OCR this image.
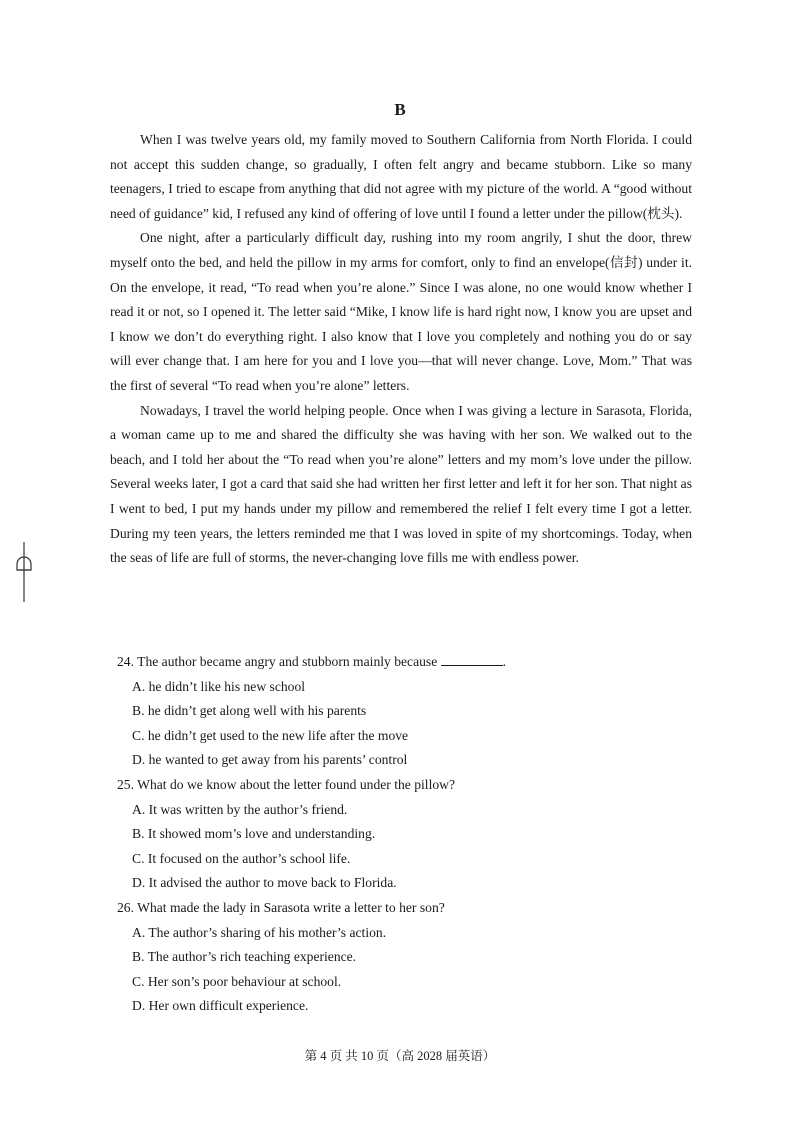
B

When I was twelve years old, my family moved to Southern California from North Florida. I could not accept this sudden change, so gradually, I often felt angry and became stubborn. Like so many teenagers, I tried to escape from anything that did not agree with my picture of the world. A “good without need of guidance” kid, I refused any kind of offering of love until I found a letter under the pillow(枕头).

One night, after a particularly difficult day, rushing into my room angrily, I shut the door, threw myself onto the bed, and held the pillow in my arms for comfort, only to find an envelope(信封) under it. On the envelope, it read, “To read when you’re alone.” Since I was alone, no one would know whether I read it or not, so I opened it. The letter said “Mike, I know life is hard right now, I know you are upset and I know we don’t do everything right. I also know that I love you completely and nothing you do or say will ever change that. I am here for you and I love you—that will never change. Love, Mom.” That was the first of several “To read when you’re alone” letters.

Nowadays, I travel the world helping people. Once when I was giving a lecture in Sarasota, Florida, a woman came up to me and shared the difficulty she was having with her son. We walked out to the beach, and I told her about the “To read when you’re alone” letters and my mom’s love under the pillow. Several weeks later, I got a card that said she had written her first letter and left it for her son. That night as I went to bed, I put my hands under my pillow and remembered the relief I felt every time I got a letter. During my teen years, the letters reminded me that I was loved in spite of my shortcomings. Today, when the seas of life are full of storms, the never-changing love fills me with endless power.

24. The author became angry and stubborn mainly because	.

A. he didn’t like his new school
B. he didn’t get along well with his parents
C. he didn’t get used to the new life after the move
D. he wanted to get away from his parents’ control

25. What do we know about the letter found under the pillow?

A. It was written by the author’s friend.
B. It showed mom’s love and understanding.
C. It focused on the author’s school life.
D. It advised the author to move back to Florida.

26. What made the lady in Sarasota write a letter to her son?

A. The author’s sharing of his mother’s action.
B. The author’s rich teaching experience.
C. Her son’s poor behaviour at school.
D. Her own difficult experience.
第 4 页 共 10 页（高 2028 届英语）
